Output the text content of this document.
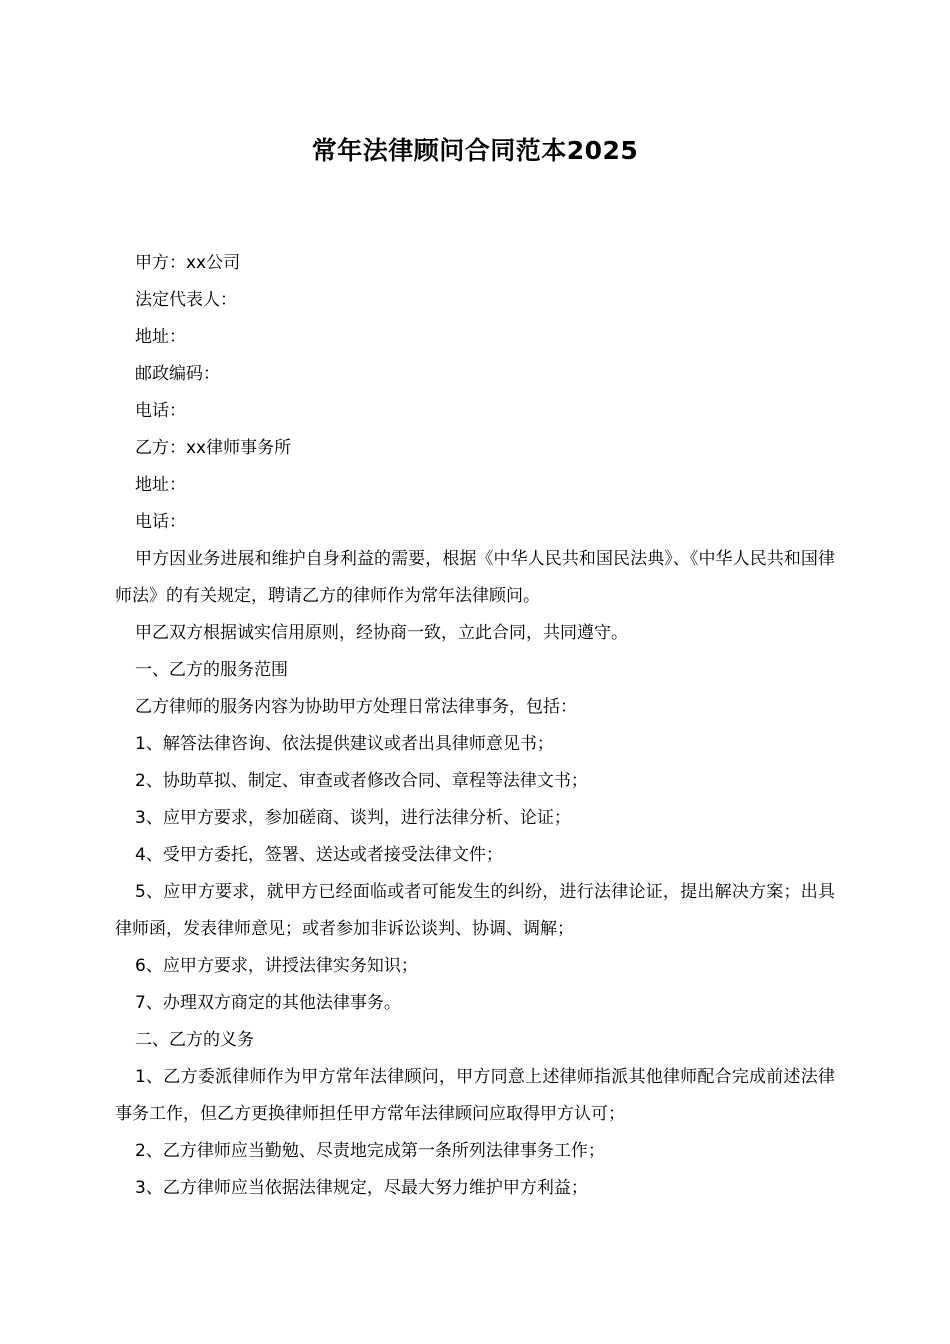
常年法律顾问合同范本2025

甲方：xx公司

法定代表人：

地址：

邮政编码：

电话：

乙方：xx律师事务所

地址：

电话：

甲方因业务进展和维护自身利益的需要，根据《中华人民共和国民法典》、《中华人民共和国律师法》的有关规定，聘请乙方的律师作为常年法律顾问。

甲乙双方根据诚实信用原则，经协商一致，立此合同，共同遵守。

一、乙方的服务范围

乙方律师的服务内容为协助甲方处理日常法律事务，包括：

1、解答法律咨询、依法提供建议或者出具律师意见书；

2、协助草拟、制定、审查或者修改合同、章程等法律文书；

3、应甲方要求，参加磋商、谈判，进行法律分析、论证；

4、受甲方委托，签署、送达或者接受法律文件；

5、应甲方要求，就甲方已经面临或者可能发生的纠纷，进行法律论证，提出解决方案；出具律师函，发表律师意见；或者参加非诉讼谈判、协调、调解；

6、应甲方要求，讲授法律实务知识；

7、办理双方商定的其他法律事务。

二、乙方的义务

1、乙方委派律师作为甲方常年法律顾问，甲方同意上述律师指派其他律师配合完成前述法律事务工作，但乙方更换律师担任甲方常年法律顾问应取得甲方认可；

2、乙方律师应当勤勉、尽责地完成第一条所列法律事务工作；

3、乙方律师应当依据法律规定，尽最大努力维护甲方利益；
